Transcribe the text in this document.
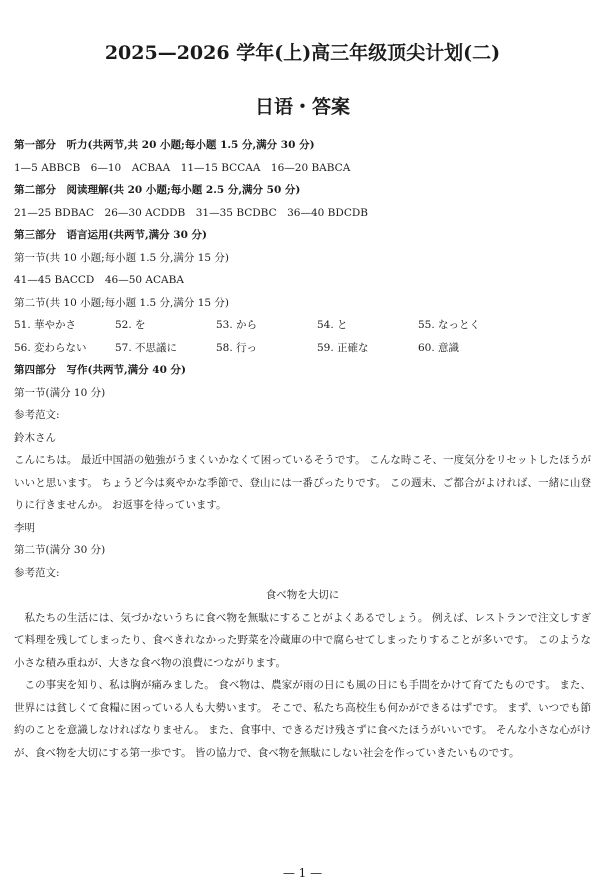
2025—2026 学年(上)高三年级顶尖计划(二)
日语・答案
第一部分　听力(共两节,共 20 小题;每小题 1.5 分,满分 30 分)
1—5 ABBCB　6—10　ACBAA　11—15 BCCAA　16—20 BABCA
第二部分　阅读理解(共 20 小题;每小题 2.5 分,满分 50 分)
21—25 BDBAC　26—30 ACDDB　31—35 BCDBC　36—40 BDCDB
第三部分　语言运用(共两节,满分 30 分)
第一节(共 10 小题;每小题 1.5 分,满分 15 分)
41—45 BACCD　46—50 ACABA
第二节(共 10 小题;每小题 1.5 分,满分 15 分)
51. 華やかさ	52. を	53. から	54. と	55. なっとく
56. 変わらない	57. 不思議に	58. 行っ	59. 正確な	60. 意識
第四部分　写作(共两节,满分 40 分)
第一节(满分 10 分)
参考范文:
鈴木さん
こんにちは。 最近中国語の勉強がうまくいかなくて困っているそうです。 こんな時こそ、一度気分をリセットしたほうがいいと思います。 ちょうど今は爽やかな季節で、登山には一番ぴったりです。 この週末、ご都合がよければ、一緒に山登りに行きませんか。 お返事を待っています。
李明
第二节(满分 30 分)
参考范文:
食べ物を大切に
私たちの生活には、気づかないうちに食べ物を無駄にすることがよくあるでしょう。 例えば、レストランで注文しすぎて料理を残してしまったり、食べきれなかった野菜を冷蔵庫の中で腐らせてしまったりすることが多いです。 このような小さな積み重ねが、大きな食べ物の浪費につながります。
この事実を知り、私は胸が痛みました。 食べ物は、農家が雨の日にも風の日にも手間をかけて育てたものです。 また、世界には貧しくて食糧に困っている人も大勢います。 そこで、私たち高校生も何かができるはずです。 まず、いつでも節約のことを意識しなければなりません。 また、食事中、できるだけ残さずに食べたほうがいいです。 そんな小さな心がけが、食べ物を大切にする第一歩です。 皆の協力で、食べ物を無駄にしない社会を作っていきたいものです。
— 1 —
